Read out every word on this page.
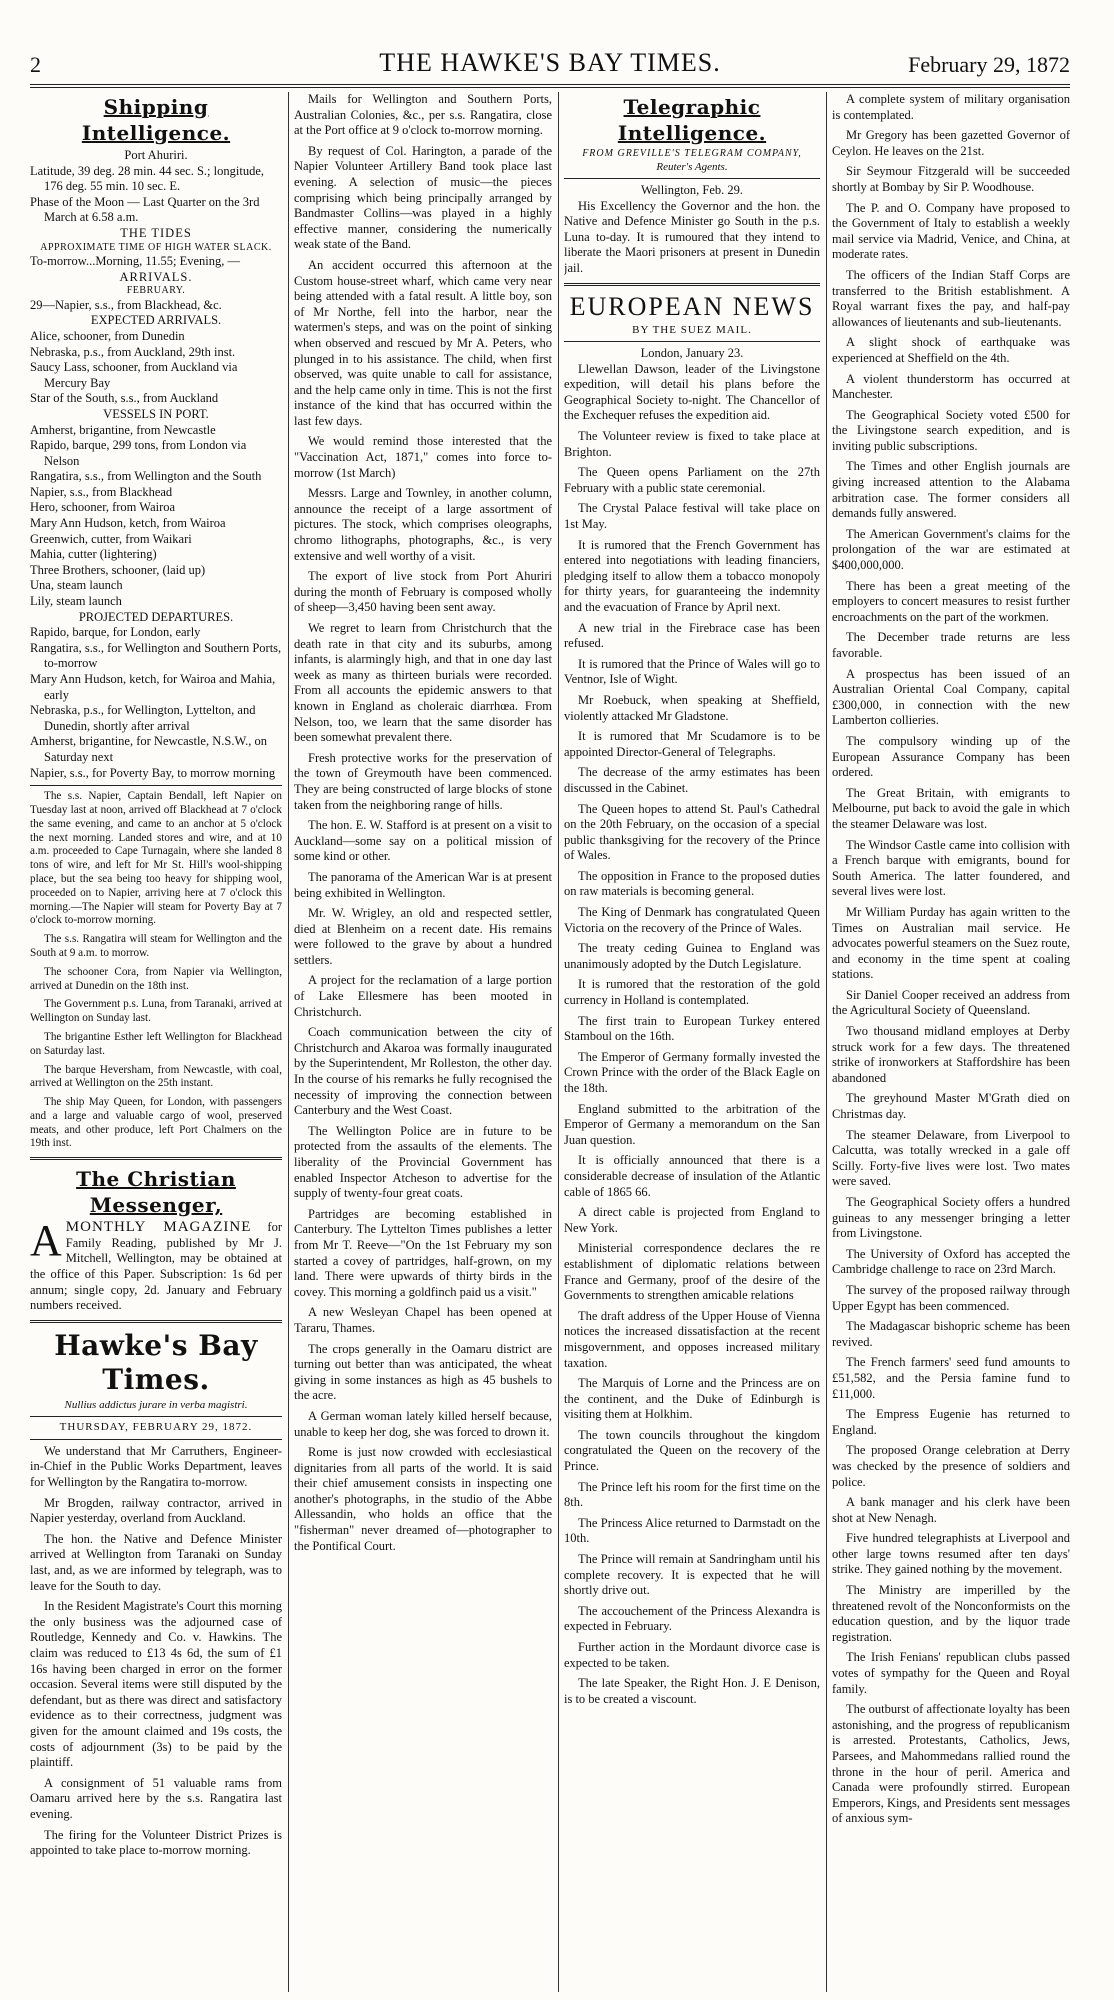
2	THE HAWKE'S BAY TIMES.	February 29, 1872
Shipping Intelligence.
Port Ahuriri.
Latitude, 39 deg. 28 min. 44 sec. S.; longitude, 176 deg. 55 min. 10 sec. E.
Phase of the Moon — Last Quarter on the 3rd March at 6.58 a.m.
THE TIDES
APPROXIMATE TIME OF HIGH WATER SLACK.
To-morrow...Morning, 11.55; Evening, —
ARRIVALS.
FEBRUARY.
29—Napier, s.s., from Blackhead, &c.
EXPECTED ARRIVALS.
Alice, schooner, from Dunedin
Nebraska, p.s., from Auckland, 29th inst.
Saucy Lass, schooner, from Auckland via Mercury Bay
Star of the South, s.s., from Auckland
VESSELS IN PORT.
Amherst, brigantine, from Newcastle
Rapido, barque, 299 tons, from London via Nelson
Rangatira, s.s., from Wellington and the South
Napier, s.s., from Blackhead
Hero, schooner, from Wairoa
Mary Ann Hudson, ketch, from Wairoa
Greenwich, cutter, from Waikari
Mahia, cutter (lightering)
Three Brothers, schooner, (laid up)
Una, steam launch
Lily, steam launch
PROJECTED DEPARTURES.
Rapido, barque, for London, early
Rangatira, s.s., for Wellington and Southern Ports, to-morrow
Mary Ann Hudson, ketch, for Wairoa and Mahia, early
Nebraska, p.s., for Wellington, Lyttelton, and Dunedin, shortly after arrival
Amherst, brigantine, for Newcastle, N.S.W., on Saturday next
Napier, s.s., for Poverty Bay, to morrow morning

The s.s. Napier, Captain Bendall, left Napier on Tuesday last at noon, arrived off Blackhead at 7 o'clock the same evening, and came to an anchor at 5 o'clock the next morning. Landed stores and wire, and at 10 a.m. proceeded to Cape Turnagain, where she landed 8 tons of wire, and left for Mr St. Hill's wool-shipping place, but the sea being too heavy for shipping wool, proceeded on to Napier, arriving here at 7 o'clock this morning.—The Napier will steam for Poverty Bay at 7 o'clock to-morrow morning.

The s.s. Rangatira will steam for Wellington and the South at 9 a.m. to morrow.

The schooner Cora, from Napier via Wellington, arrived at Dunedin on the 18th inst.

The Government p.s. Luna, from Taranaki, arrived at Wellington on Sunday last.

The brigantine Esther left Wellington for Blackhead on Saturday last.

The barque Heversham, from Newcastle, with coal, arrived at Wellington on the 25th instant.

The ship May Queen, for London, with passengers and a large and valuable cargo of wool, preserved meats, and other produce, left Port Chalmers on the 19th inst.

The Christian Messenger,

AMONTHLY MAGAZINE for Family Reading, published by Mr J. Mitchell, Wellington, may be obtained at the office of this Paper. Subscription: 1s 6d per annum; single copy, 2d. January and February numbers received.

Hawke's Bay Times.
Nullius addictus jurare in verba magistri.
THURSDAY, FEBRUARY 29, 1872.

We understand that Mr Carruthers, Engineer-in-Chief in the Public Works Department, leaves for Wellington by the Rangatira to-morrow.

Mr Brogden, railway contractor, arrived in Napier yesterday, overland from Auckland.

The hon. the Native and Defence Minister arrived at Wellington from Taranaki on Sunday last, and, as we are informed by telegraph, was to leave for the South to day.

In the Resident Magistrate's Court this morning the only business was the adjourned case of Routledge, Kennedy and Co. v. Hawkins. The claim was reduced to £13 4s 6d, the sum of £1 16s having been charged in error on the former occasion. Several items were still disputed by the defendant, but as there was direct and satisfactory evidence as to their correctness, judgment was given for the amount claimed and 19s costs, the costs of adjournment (3s) to be paid by the plaintiff.

A consignment of 51 valuable rams from Oamaru arrived here by the s.s. Rangatira last evening.

The firing for the Volunteer District Prizes is appointed to take place to-morrow morning.

Mails for Wellington and Southern Ports, Australian Colonies, &c., per s.s. Rangatira, close at the Port office at 9 o'clock to-morrow morning.

By request of Col. Harington, a parade of the Napier Volunteer Artillery Band took place last evening. A selection of music—the pieces comprising which being principally arranged by Bandmaster Collins—was played in a highly effective manner, considering the numerically weak state of the Band.

An accident occurred this afternoon at the Custom house-street wharf, which came very near being attended with a fatal result. A little boy, son of Mr Northe, fell into the harbor, near the watermen's steps, and was on the point of sinking when observed and rescued by Mr A. Peters, who plunged in to his assistance. The child, when first observed, was quite unable to call for assistance, and the help came only in time. This is not the first instance of the kind that has occurred within the last few days.

We would remind those interested that the "Vaccination Act, 1871," comes into force to-morrow (1st March)

Messrs. Large and Townley, in another column, announce the receipt of a large assortment of pictures. The stock, which comprises oleographs, chromo lithographs, photographs, &c., is very extensive and well worthy of a visit.

The export of live stock from Port Ahuriri during the month of February is composed wholly of sheep—3,450 having been sent away.

We regret to learn from Christchurch that the death rate in that city and its suburbs, among infants, is alarmingly high, and that in one day last week as many as thirteen burials were recorded. From all accounts the epidemic answers to that known in England as choleraic diarrhœa. From Nelson, too, we learn that the same disorder has been somewhat prevalent there.

Fresh protective works for the preservation of the town of Greymouth have been commenced. They are being constructed of large blocks of stone taken from the neighboring range of hills.

The hon. E. W. Stafford is at present on a visit to Auckland—some say on a political mission of some kind or other.

The panorama of the American War is at present being exhibited in Wellington.

Mr. W. Wrigley, an old and respected settler, died at Blenheim on a recent date. His remains were followed to the grave by about a hundred settlers.

A project for the reclamation of a large portion of Lake Ellesmere has been mooted in Christchurch.

Coach communication between the city of Christchurch and Akaroa was formally inaugurated by the Superintendent, Mr Rolleston, the other day. In the course of his remarks he fully recognised the necessity of improving the connection between Canterbury and the West Coast.

The Wellington Police are in future to be protected from the assaults of the elements. The liberality of the Provincial Government has enabled Inspector Atcheson to advertise for the supply of twenty-four great coats.

Partridges are becoming established in Canterbury. The Lyttelton Times publishes a letter from Mr T. Reeve—"On the 1st February my son started a covey of partridges, half-grown, on my land. There were upwards of thirty birds in the covey. This morning a goldfinch paid us a visit."

A new Wesleyan Chapel has been opened at Tararu, Thames.

The crops generally in the Oamaru district are turning out better than was anticipated, the wheat giving in some instances as high as 45 bushels to the acre.

A German woman lately killed herself because, unable to keep her dog, she was forced to drown it.

Rome is just now crowded with ecclesiastical dignitaries from all parts of the world. It is said their chief amusement consists in inspecting one another's photographs, in the studio of the Abbe Allessandin, who holds an office that the "fisherman" never dreamed of—photographer to the Pontifical Court.

Telegraphic Intelligence.
FROM GREVILLE'S TELEGRAM COMPANY,
Reuter's Agents.
Wellington, Feb. 29.

His Excellency the Governor and the hon. the Native and Defence Minister go South in the p.s. Luna to-day. It is rumoured that they intend to liberate the Maori prisoners at present in Dunedin jail.

EUROPEAN NEWS
BY THE SUEZ MAIL.
London, January 23.

Llewellan Dawson, leader of the Livingstone expedition, will detail his plans before the Geographical Society to-night. The Chancellor of the Exchequer refuses the expedition aid.

The Volunteer review is fixed to take place at Brighton.

The Queen opens Parliament on the 27th February with a public state ceremonial.

The Crystal Palace festival will take place on 1st May.

It is rumored that the French Government has entered into negotiations with leading financiers, pledging itself to allow them a tobacco monopoly for thirty years, for guaranteeing the indemnity and the evacuation of France by April next.

A new trial in the Firebrace case has been refused.

It is rumored that the Prince of Wales will go to Ventnor, Isle of Wight.

Mr Roebuck, when speaking at Sheffield, violently attacked Mr Gladstone.

It is rumored that Mr Scudamore is to be appointed Director-General of Telegraphs.

The decrease of the army estimates has been discussed in the Cabinet.

The Queen hopes to attend St. Paul's Cathedral on the 20th February, on the occasion of a special public thanksgiving for the recovery of the Prince of Wales.

The opposition in France to the proposed duties on raw materials is becoming general.

The King of Denmark has congratulated Queen Victoria on the recovery of the Prince of Wales.

The treaty ceding Guinea to England was unanimously adopted by the Dutch Legislature.

It is rumored that the restoration of the gold currency in Holland is contemplated.

The first train to European Turkey entered Stamboul on the 16th.

The Emperor of Germany formally invested the Crown Prince with the order of the Black Eagle on the 18th.

England submitted to the arbitration of the Emperor of Germany a memorandum on the San Juan question.

It is officially announced that there is a considerable decrease of insulation of the Atlantic cable of 1865 66.

A direct cable is projected from England to New York.

Ministerial correspondence declares the re establishment of diplomatic relations between France and Germany, proof of the desire of the Governments to strengthen amicable relations

The draft address of the Upper House of Vienna notices the increased dissatisfaction at the recent misgovernment, and opposes increased military taxation.

The Marquis of Lorne and the Princess are on the continent, and the Duke of Edinburgh is visiting them at Holkhim.

The town councils throughout the kingdom congratulated the Queen on the recovery of the Prince.

The Prince left his room for the first time on the 8th.

The Princess Alice returned to Darmstadt on the 10th.

The Prince will remain at Sandringham until his complete recovery. It is expected that he will shortly drive out.

The accouchement of the Princess Alexandra is expected in February.

Further action in the Mordaunt divorce case is expected to be taken.

The late Speaker, the Right Hon. J. E Denison, is to be created a viscount.

A complete system of military organisation is contemplated.

Mr Gregory has been gazetted Governor of Ceylon. He leaves on the 21st.

Sir Seymour Fitzgerald will be succeeded shortly at Bombay by Sir P. Woodhouse.

The P. and O. Company have proposed to the Government of Italy to establish a weekly mail service via Madrid, Venice, and China, at moderate rates.

The officers of the Indian Staff Corps are transferred to the British establishment. A Royal warrant fixes the pay, and half-pay allowances of lieutenants and sub-lieutenants.

A slight shock of earthquake was experienced at Sheffield on the 4th.

A violent thunderstorm has occurred at Manchester.

The Geographical Society voted £500 for the Livingstone search expedition, and is inviting public subscriptions.

The Times and other English journals are giving increased attention to the Alabama arbitration case. The former considers all demands fully answered.

The American Government's claims for the prolongation of the war are estimated at $400,000,000.

There has been a great meeting of the employers to concert measures to resist further encroachments on the part of the workmen.

The December trade returns are less favorable.

A prospectus has been issued of an Australian Oriental Coal Company, capital £300,000, in connection with the new Lamberton collieries.

The compulsory winding up of the European Assurance Company has been ordered.

The Great Britain, with emigrants to Melbourne, put back to avoid the gale in which the steamer Delaware was lost.

The Windsor Castle came into collision with a French barque with emigrants, bound for South America. The latter foundered, and several lives were lost.

Mr William Purday has again written to the Times on Australian mail service. He advocates powerful steamers on the Suez route, and economy in the time spent at coaling stations.

Sir Daniel Cooper received an address from the Agricultural Society of Queensland.

Two thousand midland employes at Derby struck work for a few days. The threatened strike of ironworkers at Staffordshire has been abandoned

The greyhound Master M'Grath died on Christmas day.

The steamer Delaware, from Liverpool to Calcutta, was totally wrecked in a gale off Scilly. Forty-five lives were lost. Two mates were saved.

The Geographical Society offers a hundred guineas to any messenger bringing a letter from Livingstone.

The University of Oxford has accepted the Cambridge challenge to race on 23rd March.

The survey of the proposed railway through Upper Egypt has been commenced.

The Madagascar bishopric scheme has been revived.

The French farmers' seed fund amounts to £51,582, and the Persia famine fund to £11,000.

The Empress Eugenie has returned to England.

The proposed Orange celebration at Derry was checked by the presence of soldiers and police.

A bank manager and his clerk have been shot at New Nenagh.

Five hundred telegraphists at Liverpool and other large towns resumed after ten days' strike. They gained nothing by the movement.

The Ministry are imperilled by the threatened revolt of the Nonconformists on the education question, and by the liquor trade registration.

The Irish Fenians' republican clubs passed votes of sympathy for the Queen and Royal family.

The outburst of affectionate loyalty has been astonishing, and the progress of republicanism is arrested. Protestants, Catholics, Jews, Parsees, and Mahommedans rallied round the throne in the hour of peril. America and Canada were profoundly stirred. European Emperors, Kings, and Presidents sent messages of anxious sym-
